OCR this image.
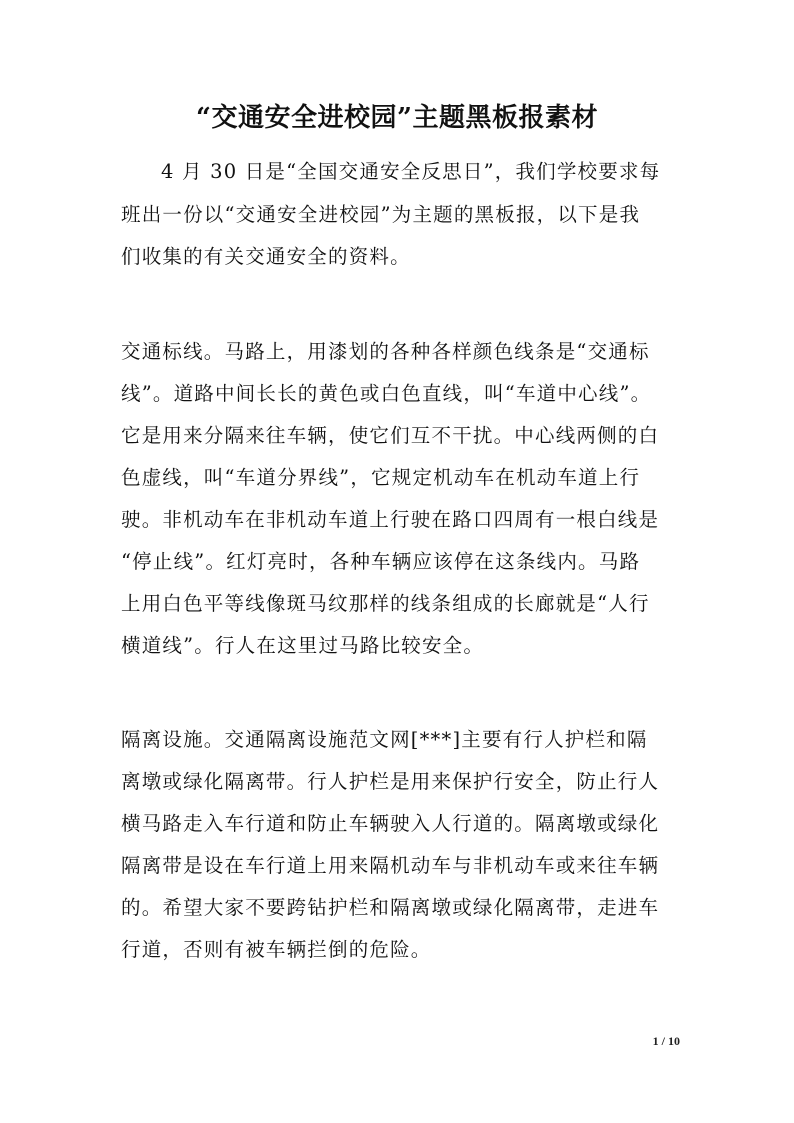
“交通安全进校园”主题黑板报素材
4 月 30 日是“全国交通安全反思日”，我们学校要求每
班出一份以“交通安全进校园”为主题的黑板报，以下是我
们收集的有关交通安全的资料。
交通标线。马路上，用漆划的各种各样颜色线条是“交通标
线”。道路中间长长的黄色或白色直线，叫“车道中心线”。
它是用来分隔来往车辆，使它们互不干扰。中心线两侧的白
色虚线，叫“车道分界线”，它规定机动车在机动车道上行
驶。非机动车在非机动车道上行驶在路口四周有一根白线是
“停止线”。红灯亮时，各种车辆应该停在这条线内。马路
上用白色平等线像斑马纹那样的线条组成的长廊就是“人行
横道线”。行人在这里过马路比较安全。
隔离设施。交通隔离设施范文网[***]主要有行人护栏和隔
离墩或绿化隔离带。行人护栏是用来保护行安全，防止行人
横马路走入车行道和防止车辆驶入人行道的。隔离墩或绿化
隔离带是设在车行道上用来隔机动车与非机动车或来往车辆
的。希望大家不要跨钻护栏和隔离墩或绿化隔离带，走进车
行道，否则有被车辆拦倒的危险。
1 / 10
